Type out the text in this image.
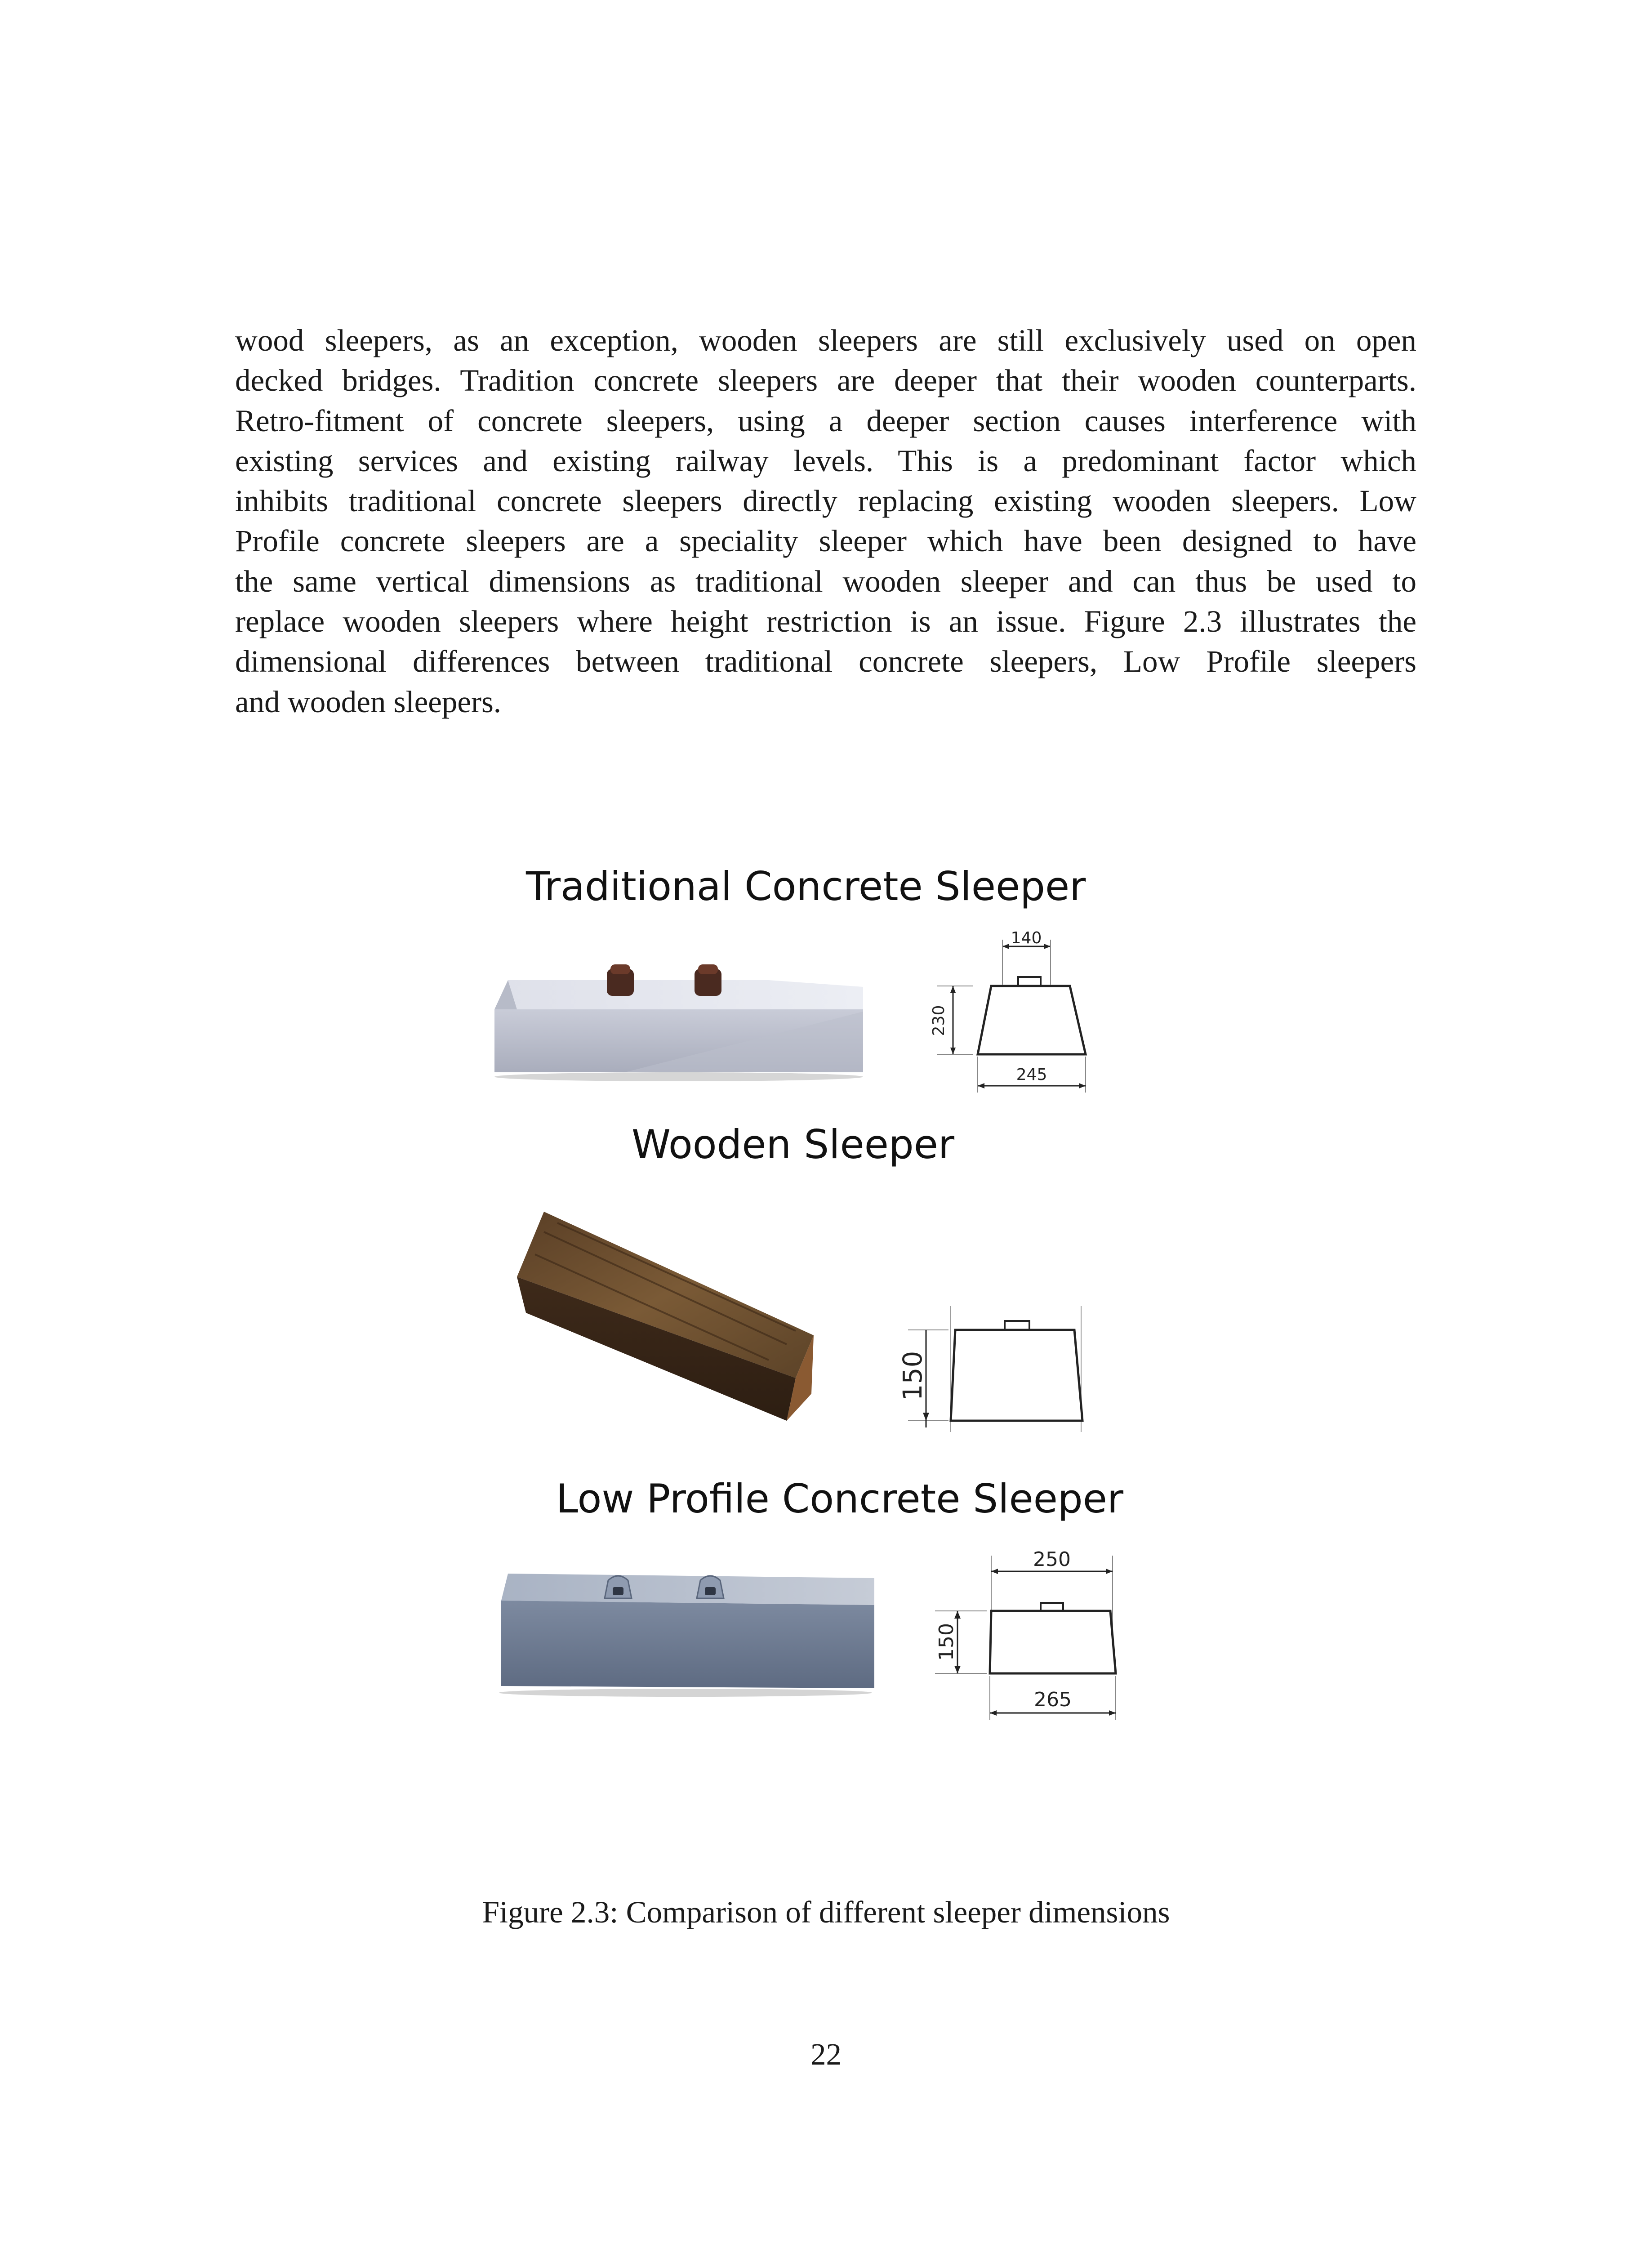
wood sleepers, as an exception, wooden sleepers are still exclusively used on open
decked bridges. Tradition concrete sleepers are deeper that their wooden counterparts.
Retro-fitment of concrete sleepers, using a deeper section causes interference with
existing services and existing railway levels. This is a predominant factor which
inhibits traditional concrete sleepers directly replacing existing wooden sleepers. Low
Profile concrete sleepers are a speciality sleeper which have been designed to have
the same vertical dimensions as traditional wooden sleeper and can thus be used to
replace wooden sleepers where height restriction is an issue. Figure 2.3 illustrates the
dimensional differences between traditional concrete sleepers, Low Profile sleepers
and wooden sleepers.
Traditional Concrete Sleeper
140
230
245
Wooden Sleeper
150
Low Profile Concrete Sleeper
250
150
265
Figure 2.3: Comparison of different sleeper dimensions
22
